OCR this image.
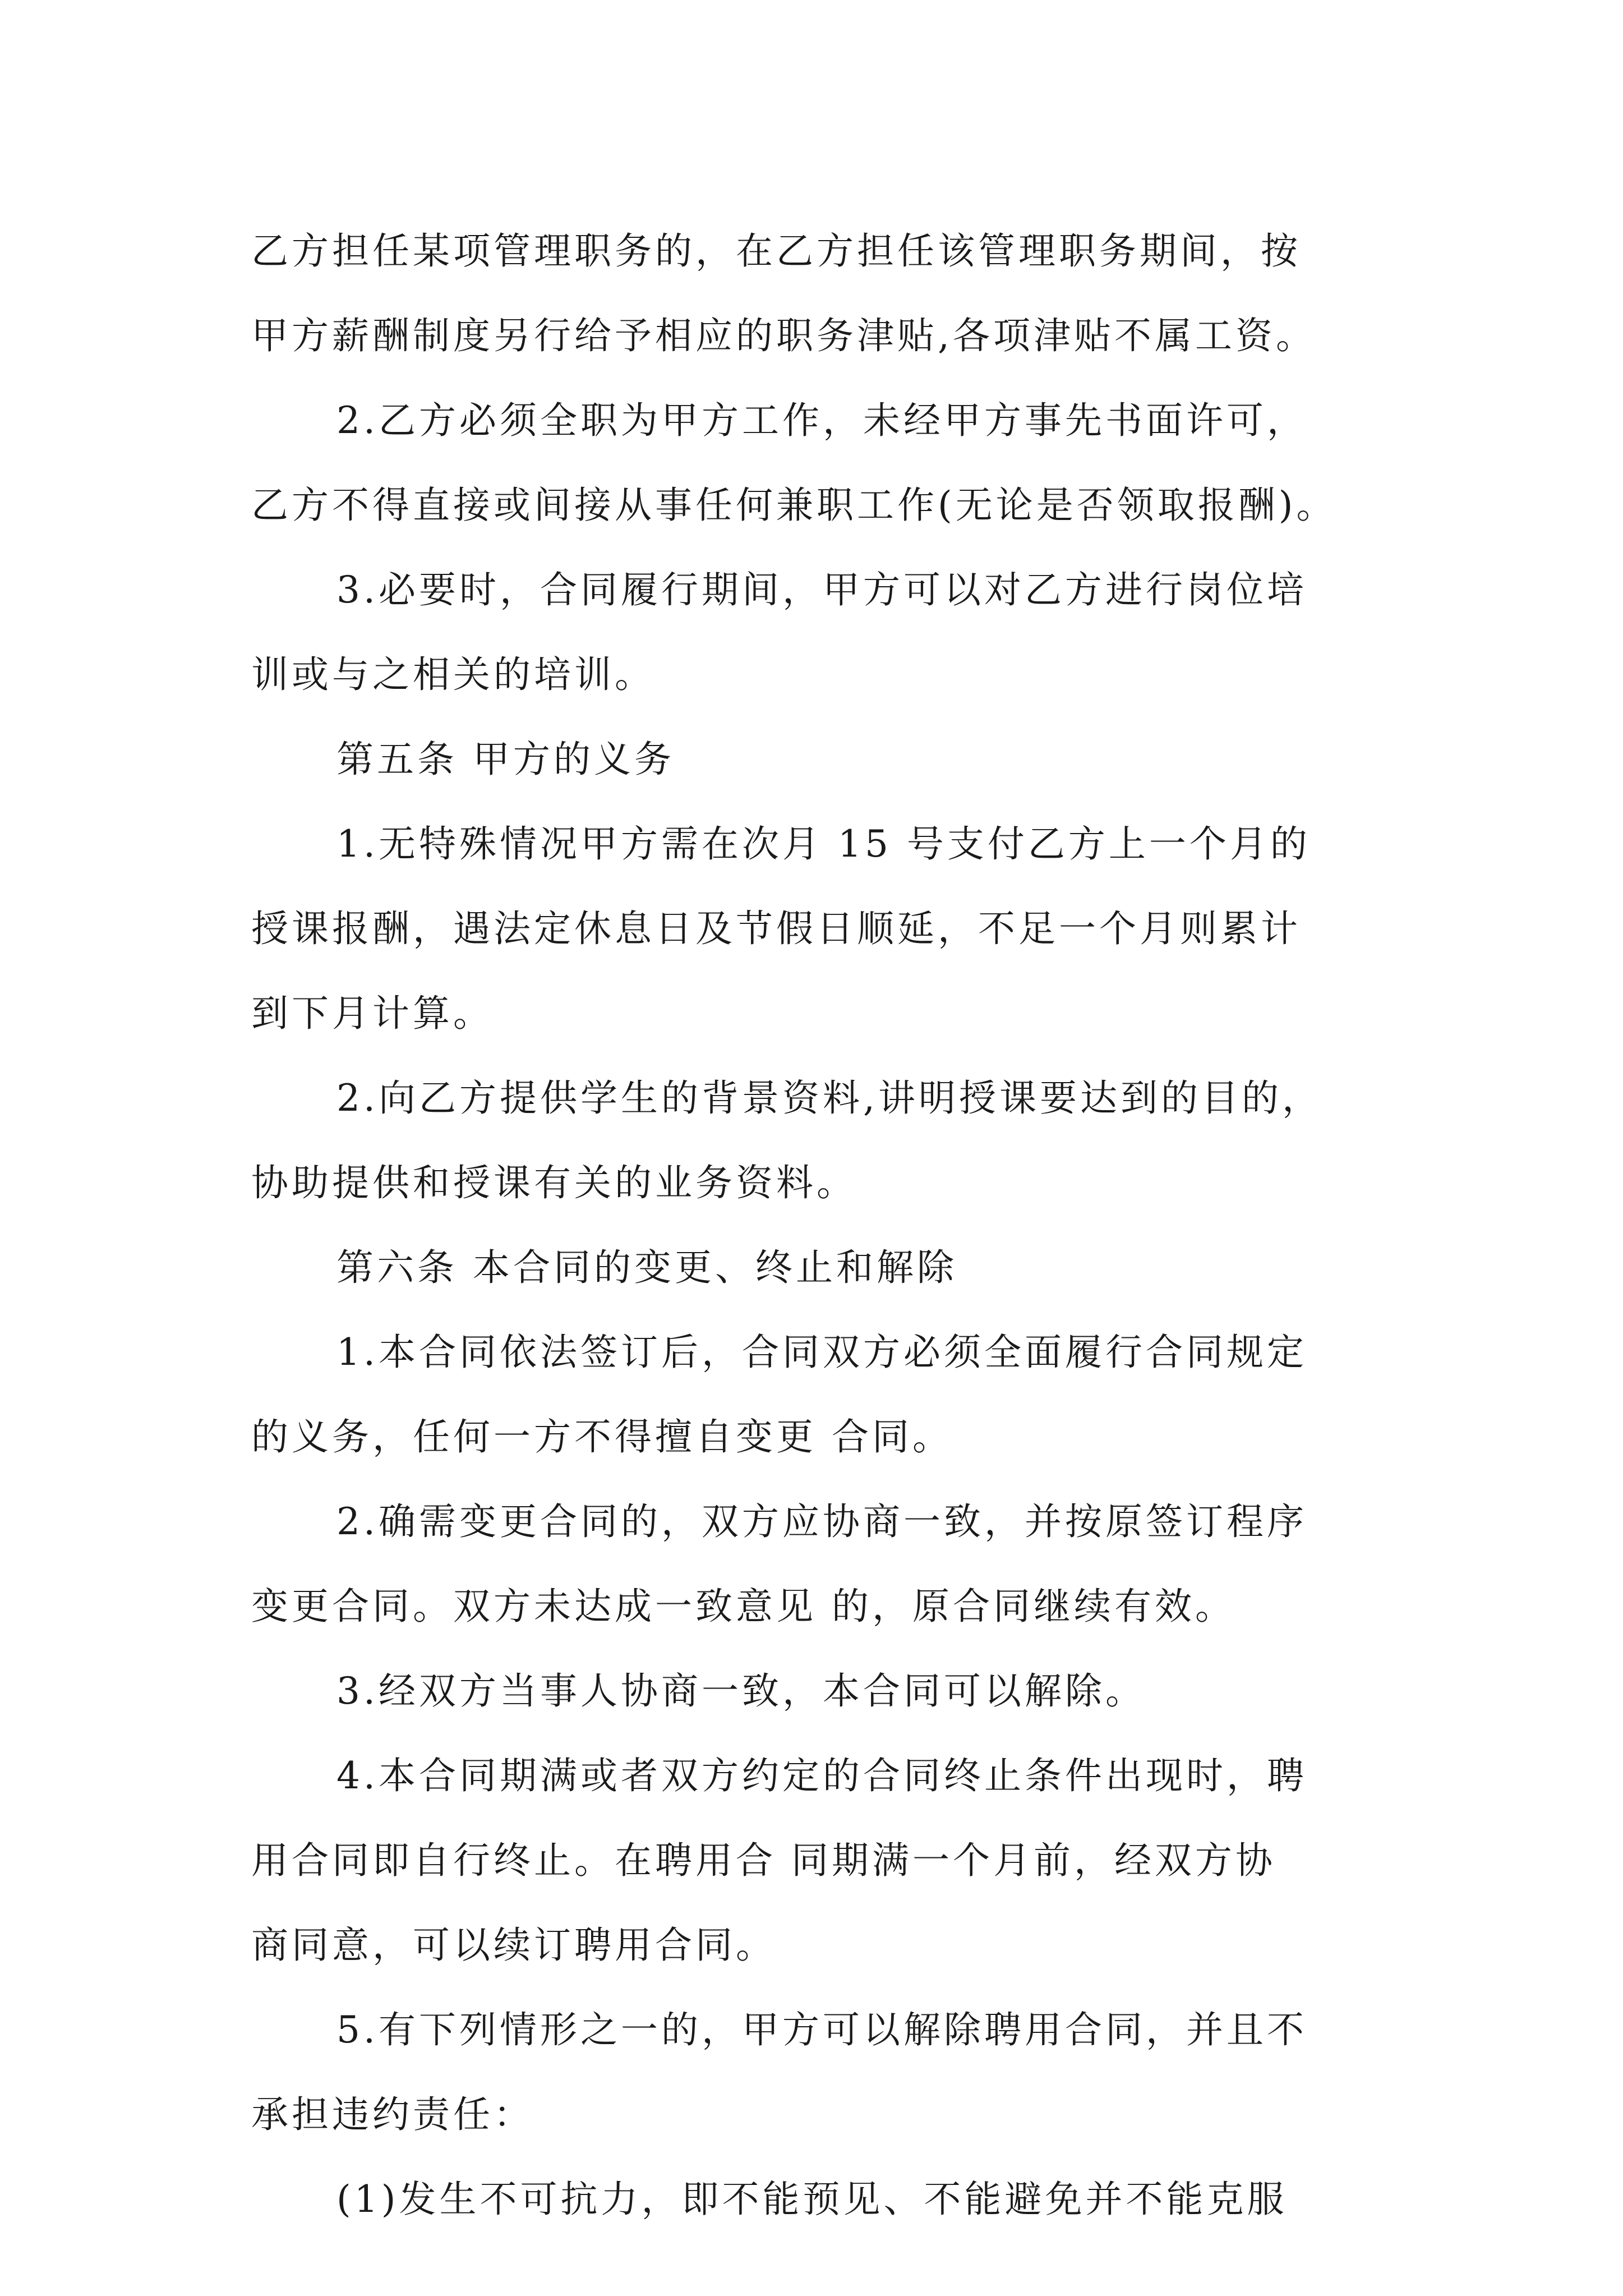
乙方担任某项管理职务的，在乙方担任该管理职务期间，按
甲方薪酬制度另行给予相应的职务津贴,各项津贴不属工资。
2.乙方必须全职为甲方工作，未经甲方事先书面许可，
乙方不得直接或间接从事任何兼职工作(无论是否领取报酬)。
3.必要时，合同履行期间，甲方可以对乙方进行岗位培
训或与之相关的培训。
第五条 甲方的义务
1.无特殊情况甲方需在次月 15 号支付乙方上一个月的
授课报酬，遇法定休息日及节假日顺延，不足一个月则累计
到下月计算。
2.向乙方提供学生的背景资料,讲明授课要达到的目的，
协助提供和授课有关的业务资料。
第六条 本合同的变更、终止和解除
1.本合同依法签订后，合同双方必须全面履行合同规定
的义务，任何一方不得擅自变更 合同。
2.确需变更合同的，双方应协商一致，并按原签订程序
变更合同。双方未达成一致意见 的，原合同继续有效。
3.经双方当事人协商一致，本合同可以解除。
4.本合同期满或者双方约定的合同终止条件出现时，聘
用合同即自行终止。在聘用合 同期满一个月前，经双方协
商同意，可以续订聘用合同。
5.有下列情形之一的，甲方可以解除聘用合同，并且不
承担违约责任：
(1)发生不可抗力，即不能预见、不能避免并不能克服
